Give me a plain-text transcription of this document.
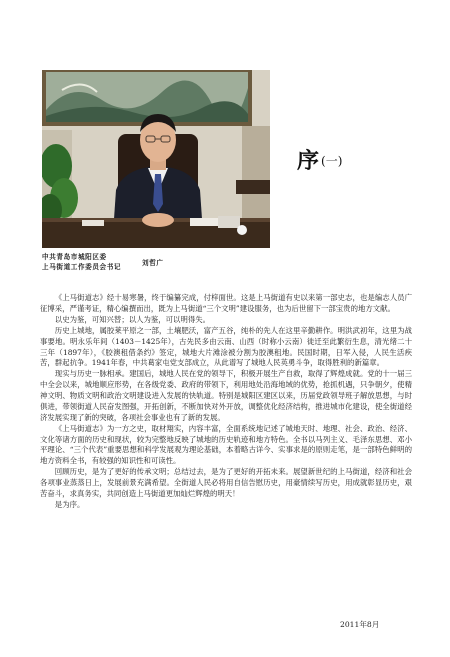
中共青岛市城阳区委
上马街道工作委员会书记	刘哲广
序(一)

《上马街道志》经十易寒暑，终于编纂完成，付梓面世。这是上马街道有史以来第一部史志，也是编志人员广征博采，严谨考证，精心编撰而出，既为上马街道“三个文明”建设服务，也为后世留下一部宝贵的地方文献。

以史为鉴，可知兴替；以人为鉴，可以明得失。

历史上城地，属胶莱平原之一部，土壤肥沃，富产五谷，纯朴的先人在这里辛勤耕作。明洪武初年，这里为战事要地。明永乐年间（1403－1425年），古先民多由云南、山西（时称小云南）徙迁至此繁衍生息，清光绪二十三年（1897年），《胶澳租借条约》签定，城地大片滩涂被分割为胶澳租地。民国时期，日军入侵，人民生活疾苦，群起抗争。1941年春，中共葛家屯党支部成立，从此谱写了城地人民英勇斗争，取得胜利的新篇章。

现实与历史一脉相承。建国后，城地人民在党的领导下，积极开展生产自救，取得了辉煌成就。党的十一届三中全会以来，城地顺应形势，在各级党委、政府的带领下，利用地处沿海地域的优势，抢抓机遇，只争朝夕，使精神文明、物质文明和政治文明建设进入发展的快轨道。特别是城阳区建区以来，历届党政领导班子解放思想，与时俱进，带领街道人民奋发图强，开拓创新，不断加快对外开放，调整优化经济结构，推进城市化建设，使全街道经济发展实现了新的突破，各项社会事业也有了新的发展。

《上马街道志》为一方之史，取材翔实，内容丰富，全面系统地记述了城地天时、地理、社会、政治、经济、文化等诸方面的历史和现状，较为完整地反映了城地的历史轨迹和地方特色。全书以马列主义、毛泽东思想、邓小平理论、“三个代表”重要思想和科学发展观为理论基础，本着略古详今、实事求是的原则走笔，是一部特色鲜明的地方资料全书，有较强的知识性和可读性。

回顾历史，是为了更好的传承文明；总结过去，是为了更好的开拓未来。展望新世纪的上马街道，经济和社会各项事业蒸蒸日上，发展前景充满希望。全街道人民必将用自信告慰历史，用豪情续写历史，用成就彰显历史，艰苦奋斗，求真务实，共同创造上马街道更加灿烂辉煌的明天！

是为序。

2011年8月
